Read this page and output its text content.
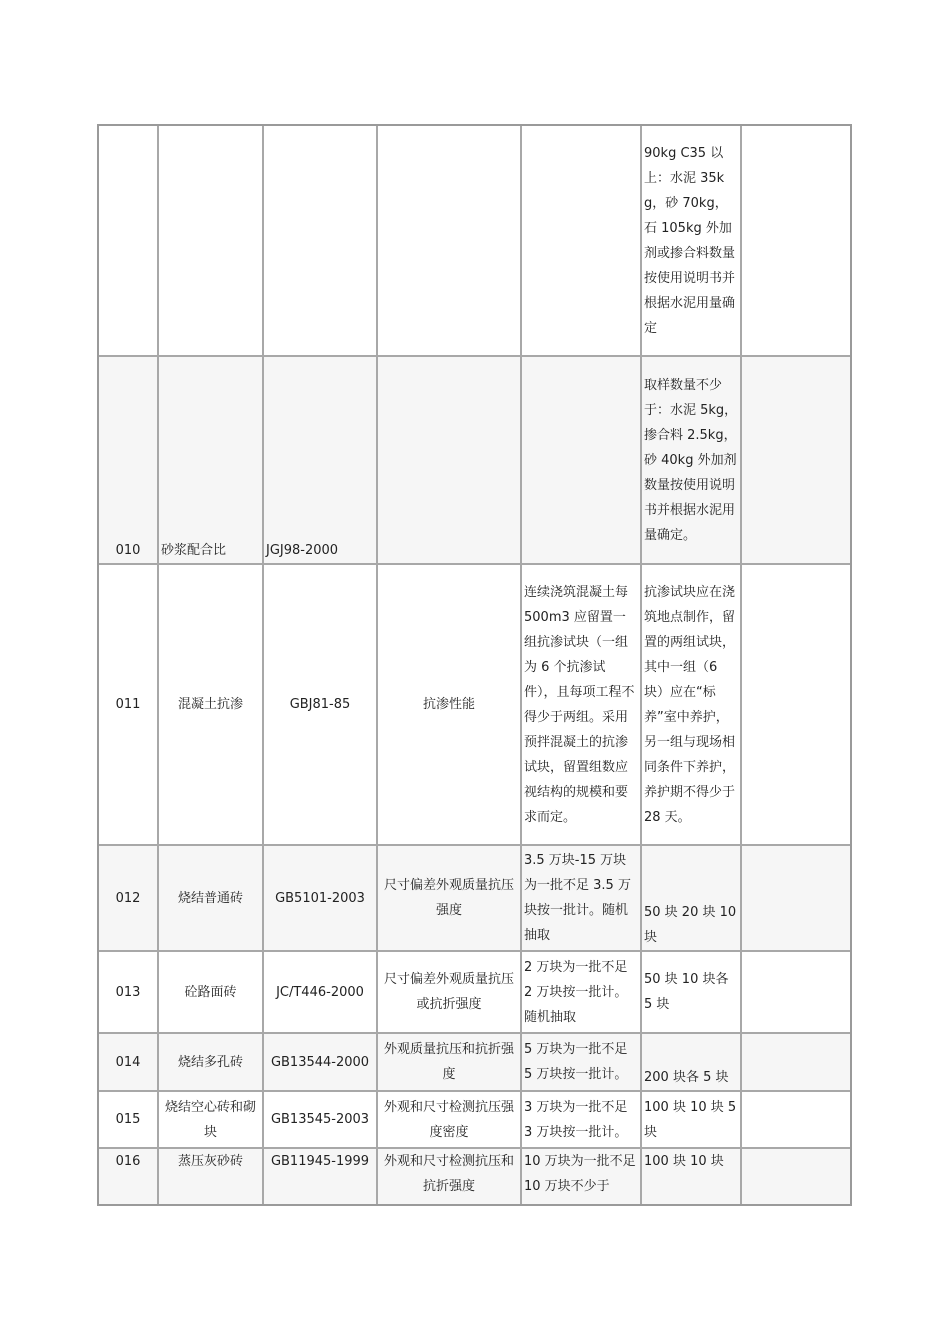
					90kg C35 以上：水泥 35kg，砂 70kg，石 105kg 外加剂或掺合料数量按使用说明书并根据水泥用量确定	
010	砂浆配合比	JGJ98-2000			取样数量不少于：水泥 5kg，掺合料 2.5kg，砂 40kg 外加剂数量按使用说明书并根据水泥用量确定。	
011	混凝土抗渗	GBJ81-85	抗渗性能	连续浇筑混凝土每 500m3 应留置一组抗渗试块（一组为 6 个抗渗试件），且每项工程不得少于两组。采用预拌混凝土的抗渗试块，留置组数应视结构的规模和要求而定。	抗渗试块应在浇筑地点制作，留置的两组试块，其中一组（6 块）应在“标养”室中养护，另一组与现场相同条件下养护，养护期不得少于 28 天。	
012	烧结普通砖	GB5101-2003	尺寸偏差外观质量抗压强度	3.5 万块-15 万块为一批不足 3.5 万块按一批计。随机抽取	50 块 20 块 10 块	
013	砼路面砖	JC/T446-2000	尺寸偏差外观质量抗压或抗折强度	2 万块为一批不足 2 万块按一批计。随机抽取	50 块 10 块各 5 块	
014	烧结多孔砖	GB13544-2000	外观质量抗压和抗折强度	5 万块为一批不足 5 万块按一批计。	200 块各 5 块	
015	烧结空心砖和砌块	GB13545-2003	外观和尺寸检测抗压强度密度	3 万块为一批不足 3 万块按一批计。	100 块 10 块 5 块	
016	蒸压灰砂砖	GB11945-1999	外观和尺寸检测抗压和抗折强度	10 万块为一批不足 10 万块不少于	100 块 10 块	
